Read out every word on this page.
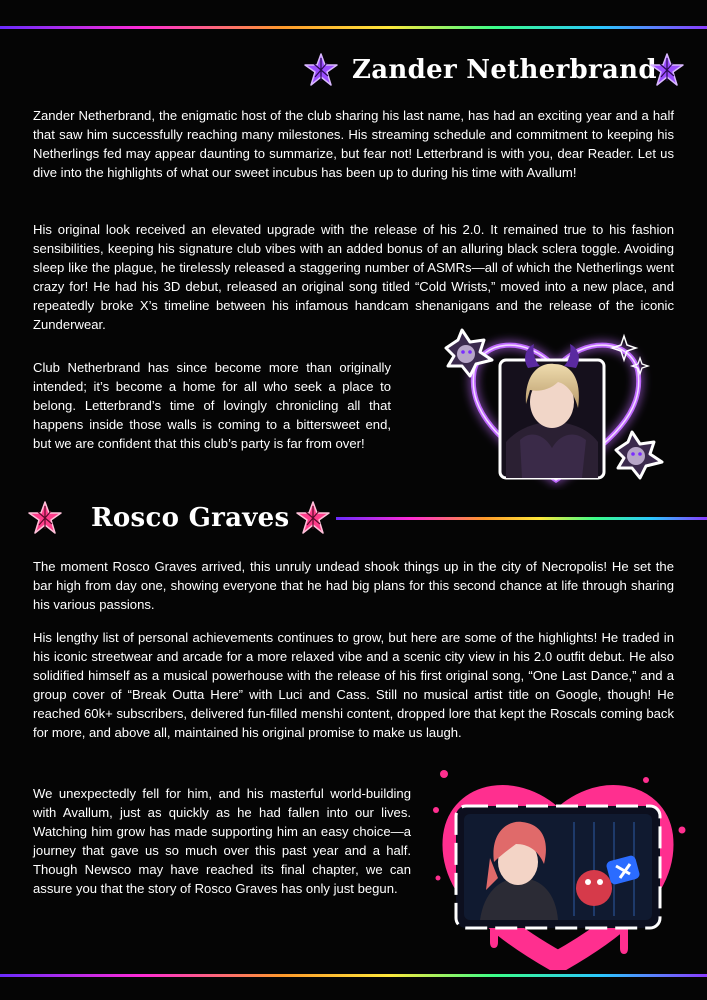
Zander Netherbrand

Zander Netherbrand, the enigmatic host of the club sharing his last name, has had an exciting year and a half that saw him successfully reaching many milestones. His streaming schedule and commitment to keeping his Netherlings fed may appear daunting to summarize, but fear not! Letterbrand is with you, dear Reader. Let us dive into the highlights of what our sweet incubus has been up to during his time with Avallum!

His original look received an elevated upgrade with the release of his 2.0. It remained true to his fashion sensibilities, keeping his signature club vibes with an added bonus of an alluring black sclera toggle. Avoiding sleep like the plague, he tirelessly released a staggering number of ASMRs—all of which the Netherlings went crazy for! He had his 3D debut, released an original song titled “Cold Wrists,” moved into a new place, and repeatedly broke X’s timeline between his infamous handcam shenanigans and the release of the iconic Zunderwear.

Club Netherbrand has since become more than originally intended; it’s become a home for all who seek a place to belong. Letterbrand’s time of lovingly chronicling all that happens inside those walls is coming to a bittersweet end, but we are confident that this club’s party is far from over!

Rosco Graves

The moment Rosco Graves arrived, this unruly undead shook things up in the city of Necropolis! He set the bar high from day one, showing everyone that he had big plans for this second chance at life through sharing his various passions.

His lengthy list of personal achievements continues to grow, but here are some of the highlights! He traded in his iconic streetwear and arcade for a more relaxed vibe and a scenic city view in his 2.0 outfit debut. He also solidified himself as a musical powerhouse with the release of his first original song, “One Last Dance,” and a group cover of “Break Outta Here” with Luci and Cass. Still no musical artist title on Google, though! He reached 60k+ subscribers, delivered fun-filled menshi content, dropped lore that kept the Roscals coming back for more, and above all, maintained his original promise to make us laugh.

We unexpectedly fell for him, and his masterful world-building with Avallum, just as quickly as he had fallen into our lives. Watching him grow has made supporting him an easy choice—a journey that gave us so much over this past year and a half. Though Newsco may have reached its final chapter, we can assure you that the story of Rosco Graves has only just begun.
